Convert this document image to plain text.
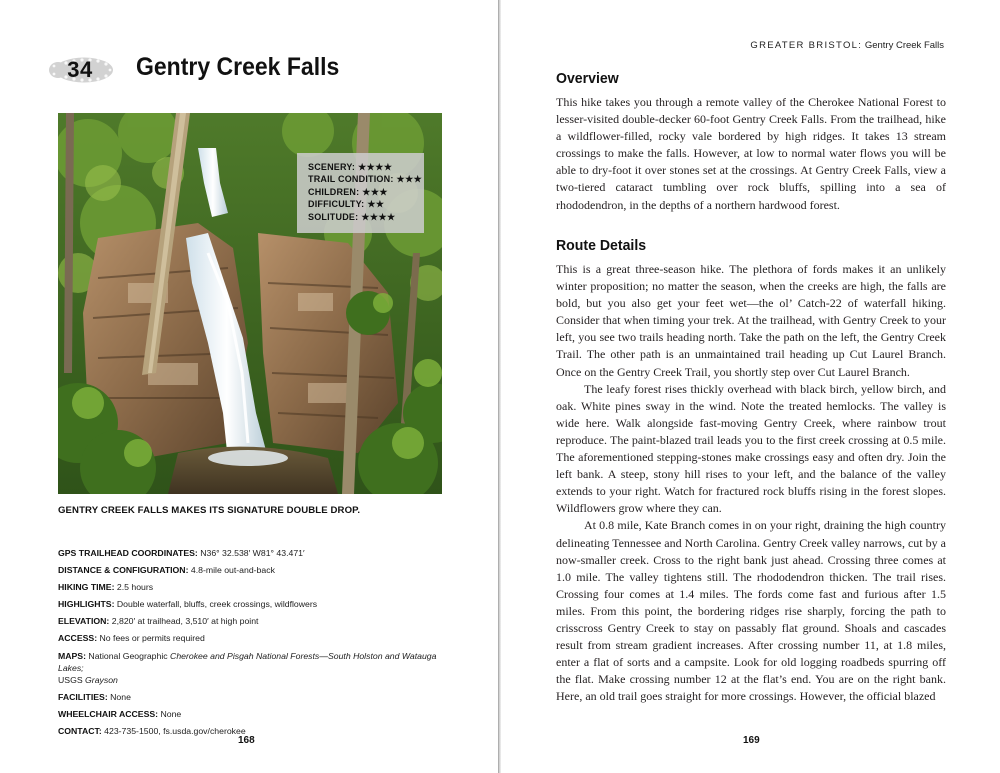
34	Gentry Creek Falls
SCENERY: ★★★★
TRAIL CONDITION: ★★★
CHILDREN: ★★★
DIFFICULTY: ★★
SOLITUDE: ★★★★
GENTRY CREEK FALLS MAKES ITS SIGNATURE DOUBLE DROP.
GPS TRAILHEAD COORDINATES: N36° 32.538′ W81° 43.471′
DISTANCE & CONFIGURATION: 4.8-mile out-and-back
HIKING TIME: 2.5 hours
HIGHLIGHTS: Double waterfall, bluffs, creek crossings, wildflowers
ELEVATION: 2,820′ at trailhead, 3,510′ at high point
ACCESS: No fees or permits required
MAPS: National Geographic Cherokee and Pisgah National Forests—South Holston and Watauga Lakes;
USGS Grayson
FACILITIES: None
WHEELCHAIR ACCESS: None
CONTACT: 423-735-1500, fs.usda.gov/cherokee
168
GREATER BRISTOL: Gentry Creek Falls
Overview

This hike takes you through a remote valley of the Cherokee National Forest to lesser-visited double-decker 60-foot Gentry Creek Falls. From the trailhead, hike a wildflower-filled, rocky vale bordered by high ridges. It takes 13 stream crossings to make the falls. However, at low to normal water flows you will be able to dry-foot it over stones set at the crossings. At Gentry Creek Falls, view a two-tiered cataract tumbling over rock bluffs, spilling into a sea of rhododendron, in the depths of a northern hardwood forest.

Route Details

This is a great three-season hike. The plethora of fords makes it an unlikely winter proposition; no matter the season, when the creeks are high, the falls are bold, but you also get your feet wet—the ol’ Catch-22 of waterfall hiking. Consider that when timing your trek. At the trailhead, with Gentry Creek to your left, you see two trails heading north. Take the path on the left, the Gentry Creek Trail. The other path is an unmaintained trail heading up Cut Laurel Branch. Once on the Gentry Creek Trail, you shortly step over Cut Laurel Branch.

The leafy forest rises thickly overhead with black birch, yellow birch, and oak. White pines sway in the wind. Note the treated hemlocks. The valley is wide here. Walk alongside fast-moving Gentry Creek, where rainbow trout reproduce. The paint-blazed trail leads you to the first creek crossing at 0.5 mile. The aforementioned stepping-stones make crossings easy and often dry. Join the left bank. A steep, stony hill rises to your left, and the balance of the valley extends to your right. Watch for fractured rock bluffs rising in the forest slopes. Wildflowers grow where they can.

At 0.8 mile, Kate Branch comes in on your right, draining the high country delineating Tennessee and North Carolina. Gentry Creek valley narrows, cut by a now-smaller creek. Cross to the right bank just ahead. Crossing three comes at 1.0 mile. The valley tightens still. The rhododendron thicken. The trail rises. Crossing four comes at 1.4 miles. The fords come fast and furious after 1.5 miles. From this point, the bordering ridges rise sharply, forcing the path to crisscross Gentry Creek to stay on passably flat ground. Shoals and cascades result from stream gradient increases. After crossing number 11, at 1.8 miles, enter a flat of sorts and a campsite. Look for old logging roadbeds spurring off the flat. Make crossing number 12 at the flat’s end. You are on the right bank. Here, an old trail goes straight for more crossings. However, the official blazed

169
